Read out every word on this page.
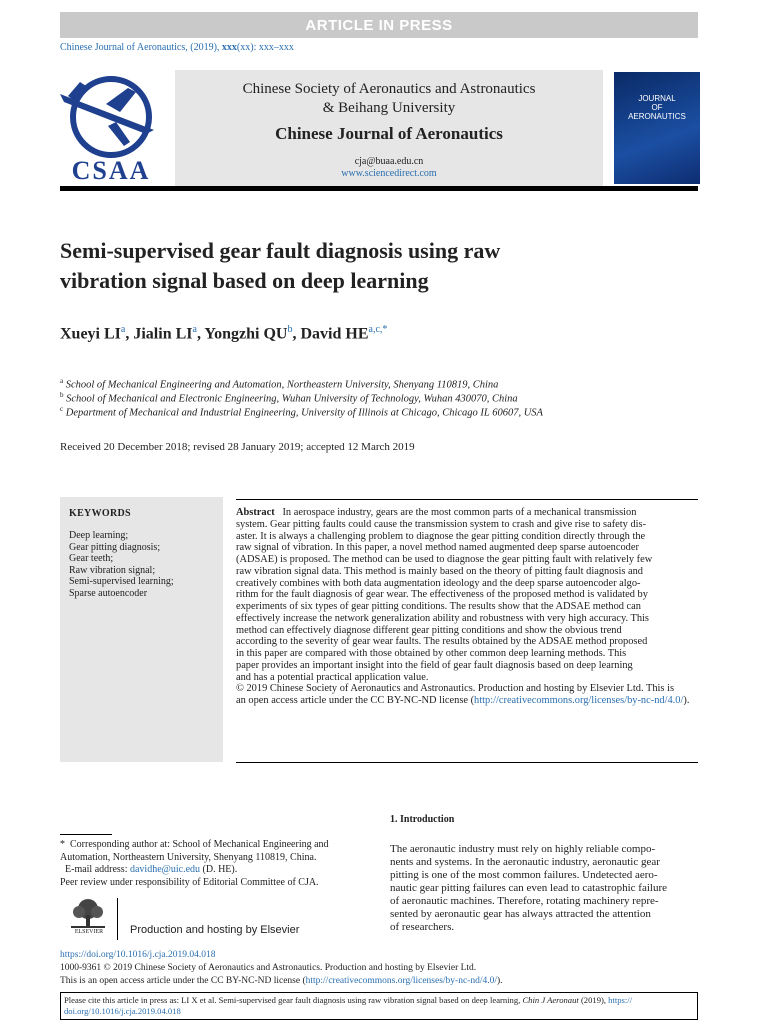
ARTICLE IN PRESS
Chinese Journal of Aeronautics, (2019), xxx(xx): xxx–xxx
CSAA
Chinese Society of Aeronautics and Astronautics
& Beihang University
Chinese Journal of Aeronautics
cja@buaa.edu.cn
www.sciencedirect.com
JOURNAL
OF
AERONAUTICS
Semi-supervised gear fault diagnosis using raw
vibration signal based on deep learning
Xueyi $LI^a$, Jialin $LI^a$, Yongzhi $QU^b$, David $HE^{a,c,*}$
$^a$ School of Mechanical Engineering and Automation, Northeastern University, Shenyang 110819, China
$^b$ School of Mechanical and Electronic Engineering, Wuhan University of Technology, Wuhan 430070, China
$^c$ Department of Mechanical and Industrial Engineering, University of Illinois at Chicago, Chicago IL 60607, USA
Received 20 December 2018; revised 28 January 2019; accepted 12 March 2019
KEYWORDS
Deep learning;
Gear pitting diagnosis;
Gear teeth;
Raw vibration signal;
Semi-supervised learning;
Sparse autoencoder
Abstract In aerospace industry, gears are the most common parts of a mechanical transmission
system. Gear pitting faults could cause the transmission system to crash and give rise to safety dis-
aster. It is always a challenging problem to diagnose the gear pitting condition directly through the
raw signal of vibration. In this paper, a novel method named augmented deep sparse autoencoder
(ADSAE) is proposed. The method can be used to diagnose the gear pitting fault with relatively few
raw vibration signal data. This method is mainly based on the theory of pitting fault diagnosis and
creatively combines with both data augmentation ideology and the deep sparse autoencoder algo-
rithm for the fault diagnosis of gear wear. The effectiveness of the proposed method is validated by
experiments of six types of gear pitting conditions. The results show that the ADSAE method can
effectively increase the network generalization ability and robustness with very high accuracy. This
method can effectively diagnose different gear pitting conditions and show the obvious trend
according to the severity of gear wear faults. The results obtained by the ADSAE method proposed
in this paper are compared with those obtained by other common deep learning methods. This
paper provides an important insight into the field of gear fault diagnosis based on deep learning
and has a potential practical application value.
© 2019 Chinese Society of Aeronautics and Astronautics. Production and hosting by Elsevier Ltd. This is
an open access article under the CC BY-NC-ND license (http://creativecommons.org/licenses/by-nc-nd/4.0/).
1. Introduction
The aeronautic industry must rely on highly reliable compo-
nents and systems. In the aeronautic industry, aeronautic gear
pitting is one of the most common failures. Undetected aero-
nautic gear pitting failures can even lead to catastrophic failure
of aeronautic machines. Therefore, rotating machinery repre-
sented by aeronautic gear has always attracted the attention
of researchers.
* Corresponding author at: School of Mechanical Engineering and
Automation, Northeastern University, Shenyang 110819, China.
E-mail address: davidhe@uic.edu (D. HE).
Peer review under responsibility of Editorial Committee of CJA.
ELSEVIER	Production and hosting by Elsevier
https://doi.org/10.1016/j.cja.2019.04.018
1000-9361 © 2019 Chinese Society of Aeronautics and Astronautics. Production and hosting by Elsevier Ltd.
This is an open access article under the CC BY-NC-ND license (http://creativecommons.org/licenses/by-nc-nd/4.0/).
Please cite this article in press as: LI X et al. Semi-supervised gear fault diagnosis using raw vibration signal based on deep learning, Chin J Aeronaut (2019), https://
doi.org/10.1016/j.cja.2019.04.018
